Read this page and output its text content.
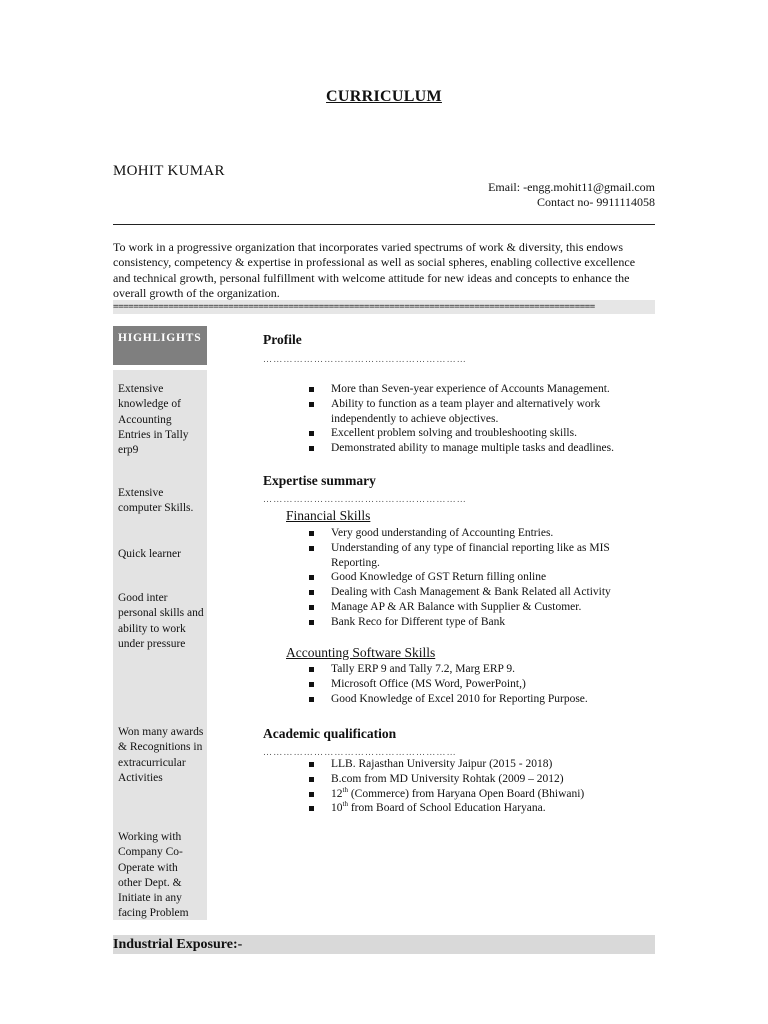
CURRICULUM
MOHIT KUMAR
Email: -engg.mohit11@gmail.com
Contact no- 9911114058
To work in a progressive organization that incorporates varied spectrums of work & diversity, this endows consistency, competency & expertise in professional as well as social spheres, enabling collective excellence and technical growth, personal fulfillment with welcome attitude for new ideas and concepts to enhance the overall growth of the organization.
================================================================================================
HIGHLIGHTS
Extensive knowledge of Accounting Entries in Tally erp9
Extensive computer Skills.
Quick learner
Good inter personal skills and ability to work under pressure
Won many awards & Recognitions in extracurricular Activities
Working with Company Co-Operate with other Dept. & Initiate in any facing Problem
Profile
……………………………………………………
More than Seven-year experience of Accounts Management.
Ability to function as a team player and alternatively work independently to achieve objectives.
Excellent problem solving and troubleshooting skills.
Demonstrated ability to manage multiple tasks and deadlines.
Expertise summary
……………………………………………………
Financial Skills
Very good understanding of Accounting Entries.
Understanding of any type of financial reporting like as MIS Reporting.
Good Knowledge of GST Return filling online
Dealing with Cash Management & Bank Related all Activity
Manage AP & AR Balance with Supplier & Customer.
Bank Reco for Different type of Bank
Accounting Software Skills
Tally ERP 9 and Tally 7.2, Marg ERP 9.
Microsoft Office (MS Word, PowerPoint,)
Good Knowledge of Excel 2010 for Reporting Purpose.
Academic qualification
…………………………………………………
LLB. Rajasthan University Jaipur (2015 - 2018)
B.com from MD University Rohtak (2009 – 2012)
12th (Commerce) from Haryana Open Board (Bhiwani)
10th from Board of School Education Haryana.
Industrial Exposure:-
